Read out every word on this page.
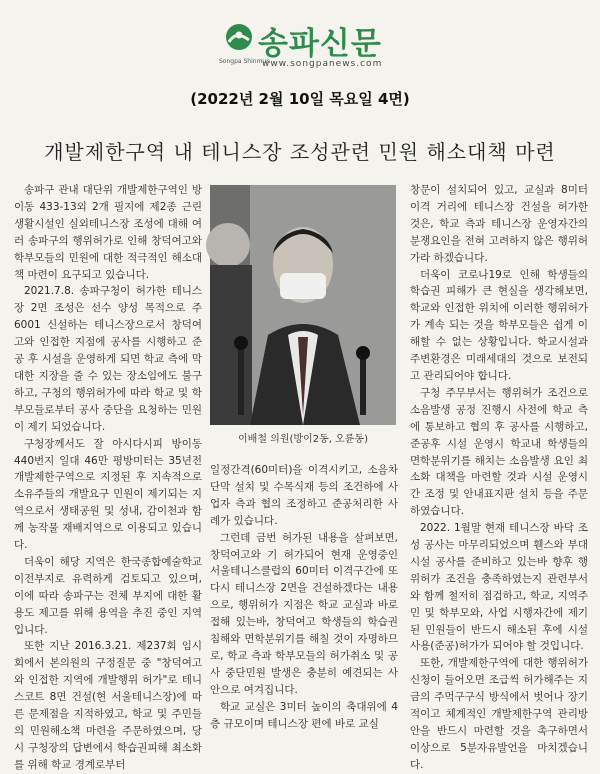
Songpa Shinmun
송파신문
www.songpanews.com
(2022년 2월 10일 목요일 4면)
개발제한구역 내 테니스장 조성관련 민원 해소대책 마련

송파구 관내 대단위 개발제한구역인 방이동 433-13외 2개 필지에 제2종 근린생활시설인 실외테니스장 조성에 대해 여러 송파구의 행위허가로 인해 창덕여고와 학부모들의 민원에 대한 적극적인 해소대책 마련이 요구되고 있습니다.

2021.7.8. 송파구청이 허가한 테니스장 2면 조성은 선수 양성 목적으로 주6001 신설하는 테니스장으로서 창덕여고와 인접한 지점에 공사를 시행하고 준공 후 시설을 운영하게 되면 학교 측에 막대한 지장을 줄 수 있는 장소임에도 불구하고, 구청의 행위허가에 따라 학교 및 학부모들로부터 공사 중단을 요청하는 민원이 제기 되었습니다.

구청장께서도 잘 아시다시피 방이동 440번지 일대 46만 평방미터는 35년전 개발제한구역으로 지정된 후 지속적으로 소유주들의 개발요구 민원이 제기되는 지역으로서 생태공원 및 성내, 감이천과 함께 농작물 재배지역으로 이용되고 있습니다.

더욱이 해당 지역은 한국종합예술학교 이전부지로 유력하게 검토되고 있으며, 이에 따라 송파구는 전체 부지에 대한 활용도 제고를 위해 용역을 추진 중인 지역입니다.

또한 지난 2016.3.21. 제237회 임시회에서 본의원의 구정질문 중 "창덕여고와 인접한 지역에 개발행위 허가"로 테니스코트 8면 건설(현 서울테니스장)에 따른 문제점을 지적하였고, 학교 및 주민들의 민원해소책 마련을 주문하였으며, 당시 구청장의 답변에서 학습권피해 최소화를 위해 학교 경계로부터

이배철 의원(방이2동, 오륜동)

일정간격(60미터)을 이격시키고, 소음차단막 설치 및 수목식재 등의 조건하에 사업자 측과 협의 조정하고 준공처리한 사례가 있습니다.

그런데 금번 허가된 내용을 살펴보면, 창덕여고와 기 허가되어 현재 운영중인 서울테니스클럽의 60미터 이격구간에 또다시 테니스장 2면을 건설하겠다는 내용으로, 행위허가 지점은 학교 교실과 바로 접해 있는바, 창덕여고 학생들의 학습권 침해와 면학분위기를 해칠 것이 자명하므로, 학교 측과 학부모들의 허가취소 및 공사 중단민원 발생은 충분히 예견되는 사안으로 여겨집니다.

학교 교실은 3미터 높이의 축대위에 4층 규모이며 테니스장 편에 바로 교실

창문이 설치되어 있고, 교실과 8미터 이격 거리에 테니스장 건설을 허가한 것은, 학교 측과 테니스장 운영자간의 분쟁요인을 전혀 고려하지 않은 행위허가라 하겠습니다.

더욱이 코로나19로 인해 학생들의 학습권 피해가 큰 현실을 생각해보면, 학교와 인접한 위치에 이러한 행위허가가 계속 되는 것을 학부모들은 쉽게 이해할 수 없는 상황입니다. 학교시설과 주변환경은 미래세대의 것으로 보전되고 관리되어야 합니다.

구청 주무부서는 행위허가 조건으로 소음발생 공정 진행시 사전에 학교 측에 통보하고 협의 후 공사를 시행하고, 준공후 시설 운영시 학교내 학생들의 면학분위기를 해치는 소음발생 요인 최소화 대책을 마련할 것과 시설 운영시간 조정 및 안내표지판 설치 등을 주문하였습니다.

2022. 1월말 현재 테니스장 바닥 조성 공사는 마무리되었으며 휀스와 부대시설 공사를 준비하고 있는바 향후 행위허가 조건을 충족하였는지 관련부서와 함께 철저히 점검하고, 학교, 지역주민 및 학부모와, 사업 시행자간에 제기된 민원들이 반드시 해소된 후에 시설사용(준공)허가가 되어야 할 것입니다.

또한, 개발제한구역에 대한 행위허가 신청이 들어오면 조급씩 허가해주는 지금의 주먹구구식 방식에서 벗어나 장기적이고 체계적인 개발제한구역 관리방안을 반드시 마련할 것을 촉구하면서 이상으로 5분자유발언을 마치겠습니다.
